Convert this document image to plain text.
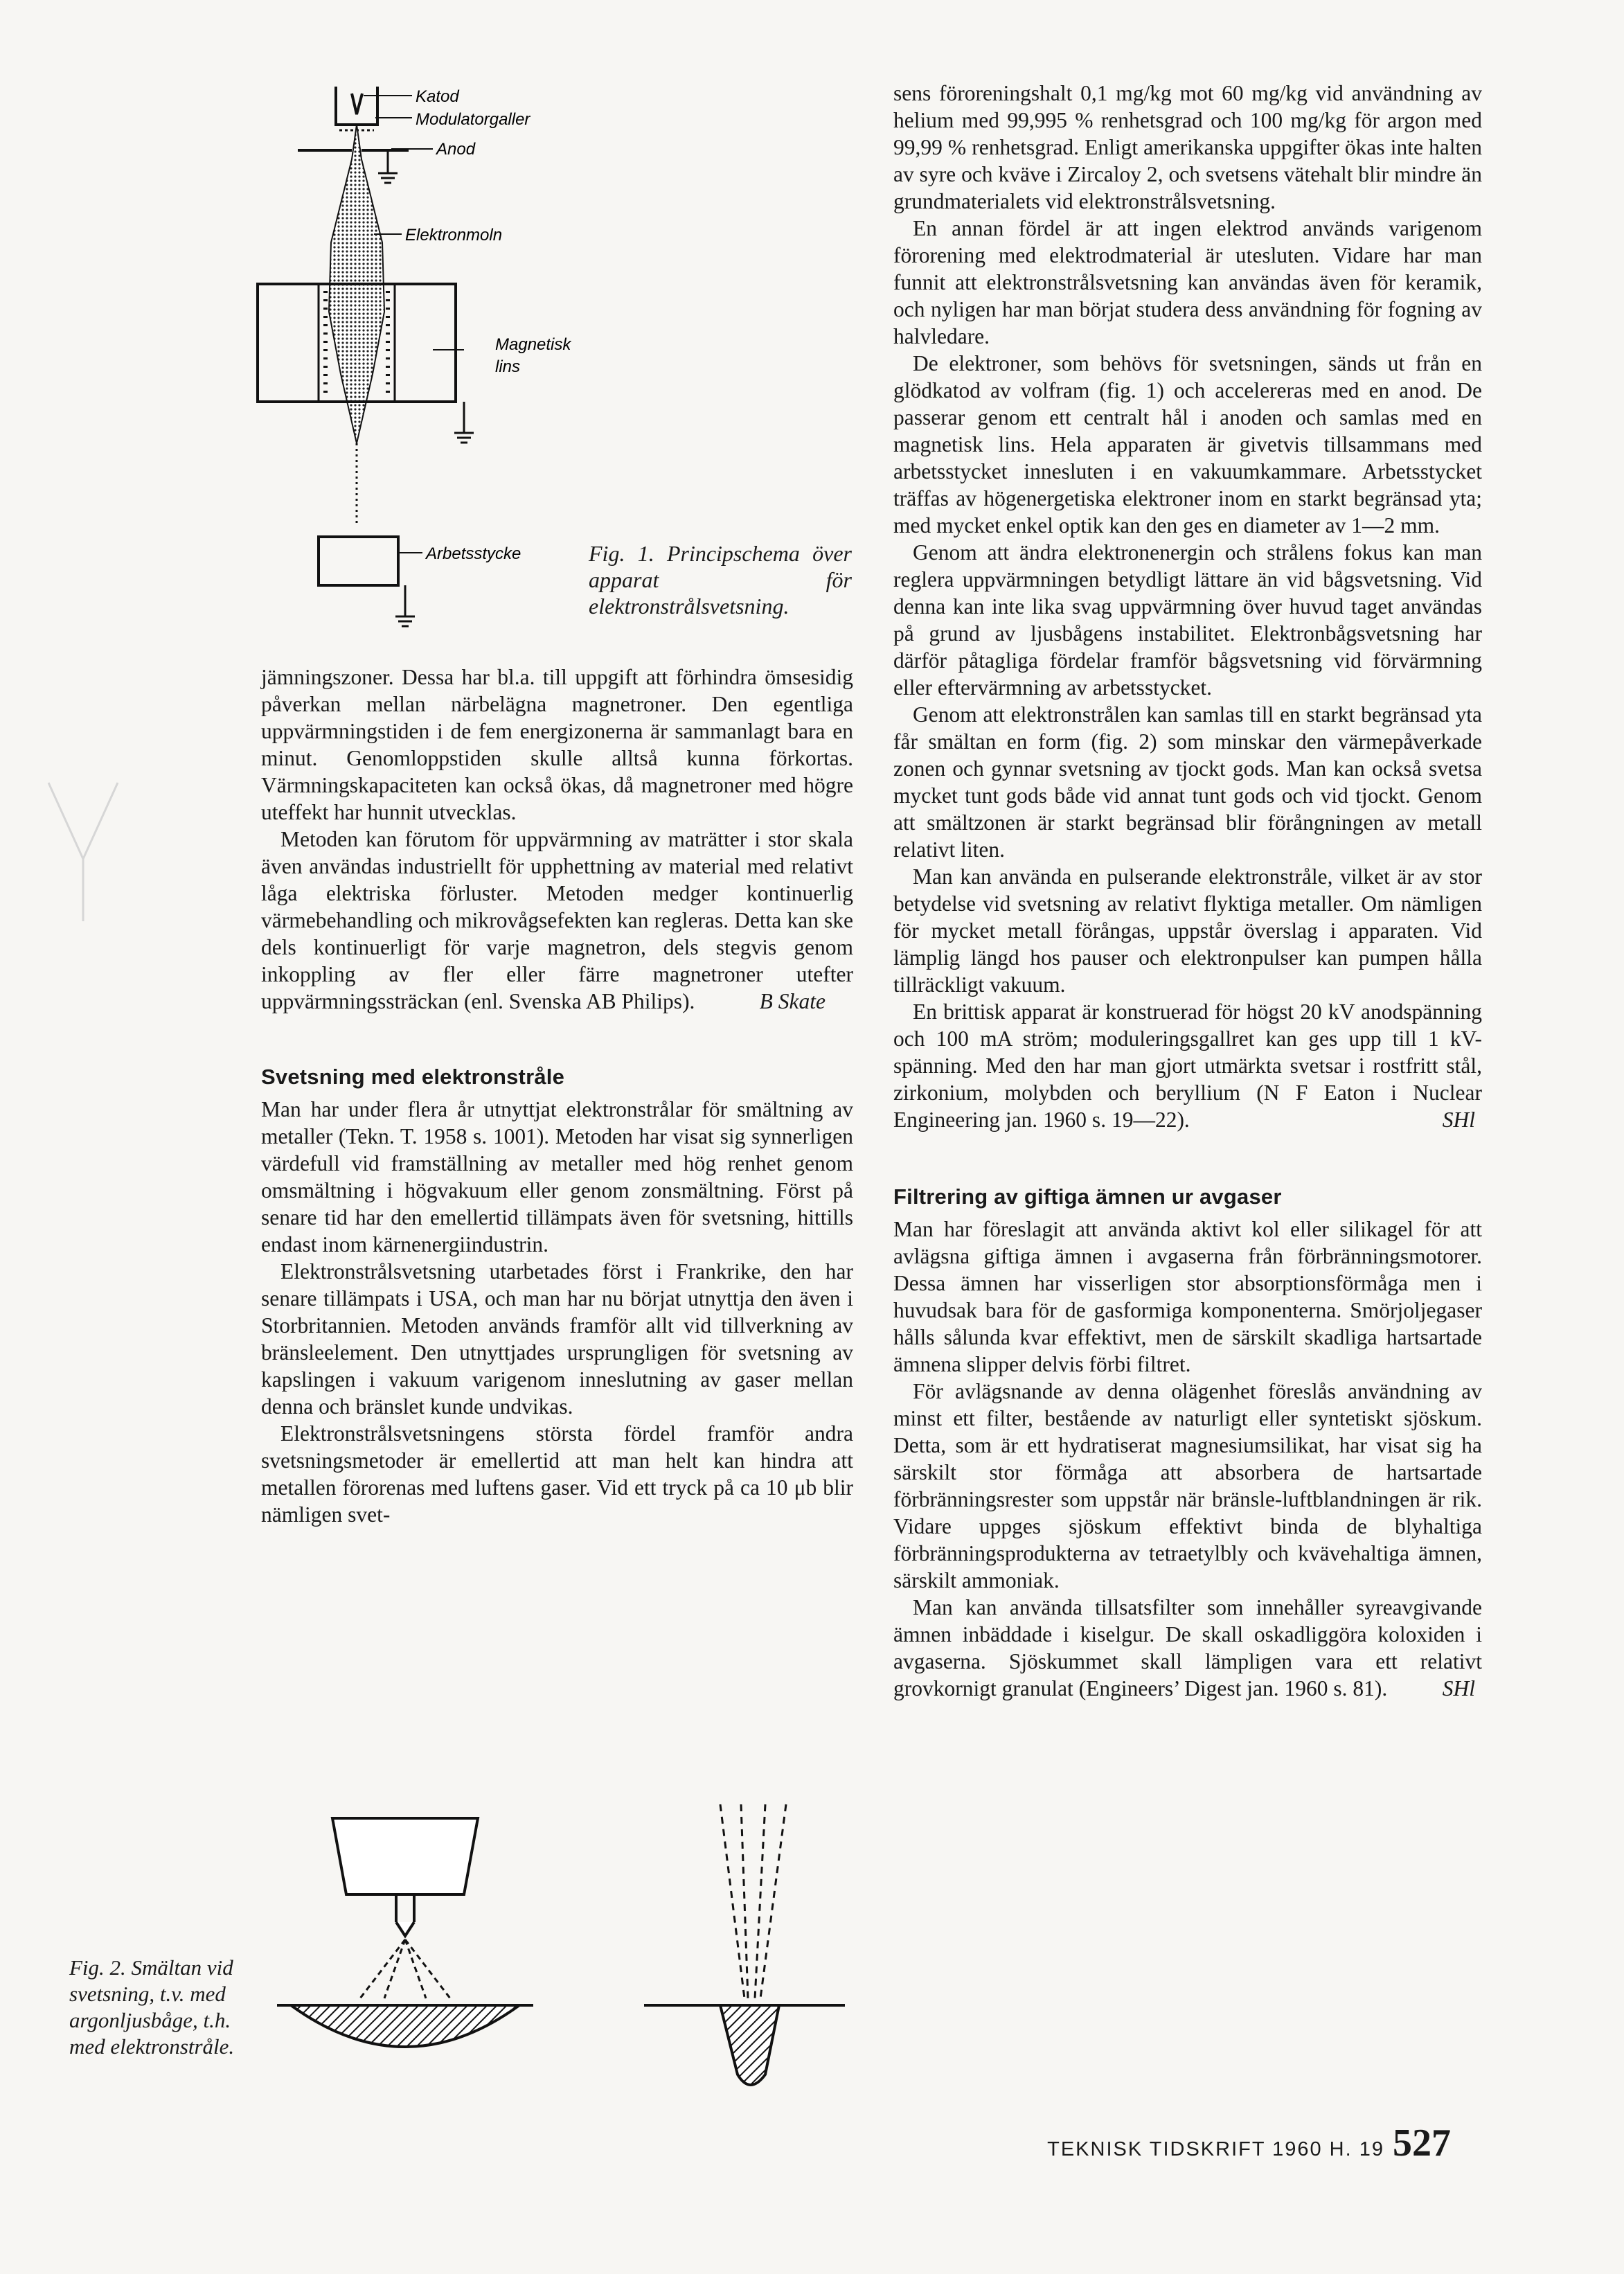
Katod
Modulatorgaller
Anod
Elektronmoln
Magnetisk
lins
Arbetsstycke	Fig. 1. Principschema över apparat för elektronstrålsvetsning.

jämningszoner. Dessa har bl.a. till uppgift att förhindra ömsesidig påverkan mellan närbelägna magnetroner. Den egentliga uppvärmningstiden i de fem energizonerna är sammanlagt bara en minut. Genomloppstiden skulle alltså kunna förkortas. Värmningskapaciteten kan också ökas, då magnetroner med högre uteffekt har hunnit utvecklas.

Metoden kan förutom för uppvärmning av maträtter i stor skala även användas industriellt för upphettning av material med relativt låga elektriska förluster. Metoden medger kontinuerlig värmebehandling och mikrovågsefekten kan regleras. Detta kan ske dels kontinuerligt för varje magnetron, dels stegvis genom inkoppling av fler eller färre magnetroner utefter uppvärmningssträckan (enl. Svenska AB Philips).	B Skate
Svetsning med elektronstråle

Man har under flera år utnyttjat elektronstrålar för smältning av metaller (Tekn. T. 1958 s. 1001). Metoden har visat sig synnerligen värdefull vid framställning av metaller med hög renhet genom omsmältning i högvakuum eller genom zonsmältning. Först på senare tid har den emellertid tillämpats även för svetsning, hittills endast inom kärnenergiindustrin.

Elektronstrålsvetsning utarbetades först i Frankrike, den har senare tillämpats i USA, och man har nu börjat utnyttja den även i Storbritannien. Metoden används framför allt vid tillverkning av bränsleelement. Den utnyttjades ursprungligen för svetsning av kapslingen i vakuum varigenom inneslutning av gaser mellan denna och bränslet kunde undvikas.

Elektronstrålsvetsningens största fördel framför andra svetsningsmetoder är emellertid att man helt kan hindra att metallen förorenas med luftens gaser. Vid ett tryck på ca 10 μb blir nämligen svet-

Fig. 2. Smältan vid svetsning, t.v. med argonljusbåge, t.h. med elektronstråle.

sens föroreningshalt 0,1 mg/kg mot 60 mg/kg vid användning av helium med 99,995 % renhetsgrad och 100 mg/kg för argon med 99,99 % renhetsgrad. Enligt amerikanska uppgifter ökas inte halten av syre och kväve i Zircaloy 2, och svetsens vätehalt blir mindre än grundmaterialets vid elektronstrålsvetsning.

En annan fördel är att ingen elektrod används varigenom förorening med elektrodmaterial är utesluten. Vidare har man funnit att elektronstrålsvetsning kan användas även för keramik, och nyligen har man börjat studera dess användning för fogning av halvledare.

De elektroner, som behövs för svetsningen, sänds ut från en glödkatod av volfram (fig. 1) och accelereras med en anod. De passerar genom ett centralt hål i anoden och samlas med en magnetisk lins. Hela apparaten är givetvis tillsammans med arbetsstycket innesluten i en vakuumkammare. Arbetsstycket träffas av högenergetiska elektroner inom en starkt begränsad yta; med mycket enkel optik kan den ges en diameter av 1—2 mm.

Genom att ändra elektronenergin och strålens fokus kan man reglera uppvärmningen betydligt lättare än vid bågsvetsning. Vid denna kan inte lika svag uppvärmning över huvud taget användas på grund av ljusbågens instabilitet. Elektronbågsvetsning har därför påtagliga fördelar framför bågsvetsning vid förvärmning eller eftervärmning av arbetsstycket.

Genom att elektronstrålen kan samlas till en starkt begränsad yta får smältan en form (fig. 2) som minskar den värmepåverkade zonen och gynnar svetsning av tjockt gods. Man kan också svetsa mycket tunt gods både vid annat tunt gods och vid tjockt. Genom att smältzonen är starkt begränsad blir förångningen av metall relativt liten.

Man kan använda en pulserande elektronstråle, vilket är av stor betydelse vid svetsning av relativt flyktiga metaller. Om nämligen för mycket metall förångas, uppstår överslag i apparaten. Vid lämplig längd hos pauser och elektronpulser kan pumpen hålla tillräckligt vakuum.

En brittisk apparat är konstruerad för högst 20 kV anodspänning och 100 mA ström; moduleringsgallret kan ges upp till 1 kV-spänning. Med den har man gjort utmärkta svetsar i rostfritt stål, zirkonium, molybden och beryllium (N F Eaton i Nuclear Engineering jan. 1960 s. 19—22).	SHl
Filtrering av giftiga ämnen ur avgaser

Man har föreslagit att använda aktivt kol eller silikagel för att avlägsna giftiga ämnen i avgaserna från förbränningsmotorer. Dessa ämnen har visserligen stor absorptionsförmåga men i huvudsak bara för de gasformiga komponenterna. Smörjoljegaser hålls sålunda kvar effektivt, men de särskilt skadliga hartsartade ämnena slipper delvis förbi filtret.

För avlägsnande av denna olägenhet föreslås användning av minst ett filter, bestående av naturligt eller syntetiskt sjöskum. Detta, som är ett hydratiserat magnesiumsilikat, har visat sig ha särskilt stor förmåga att absorbera de hartsartade förbränningsrester som uppstår när bränsle-luftblandningen är rik. Vidare uppges sjöskum effektivt binda de blyhaltiga förbränningsprodukterna av tetraetylbly och kvävehaltiga ämnen, särskilt ammoniak.

Man kan använda tillsatsfilter som innehåller syreavgivande ämnen inbäddade i kiselgur. De skall oskadliggöra koloxiden i avgaserna. Sjöskummet skall lämpligen vara ett relativt grovkornigt granulat (Engineers’ Digest jan. 1960 s. 81).	SHl
TEKNISK TIDSKRIFT 1960 H. 19 527
